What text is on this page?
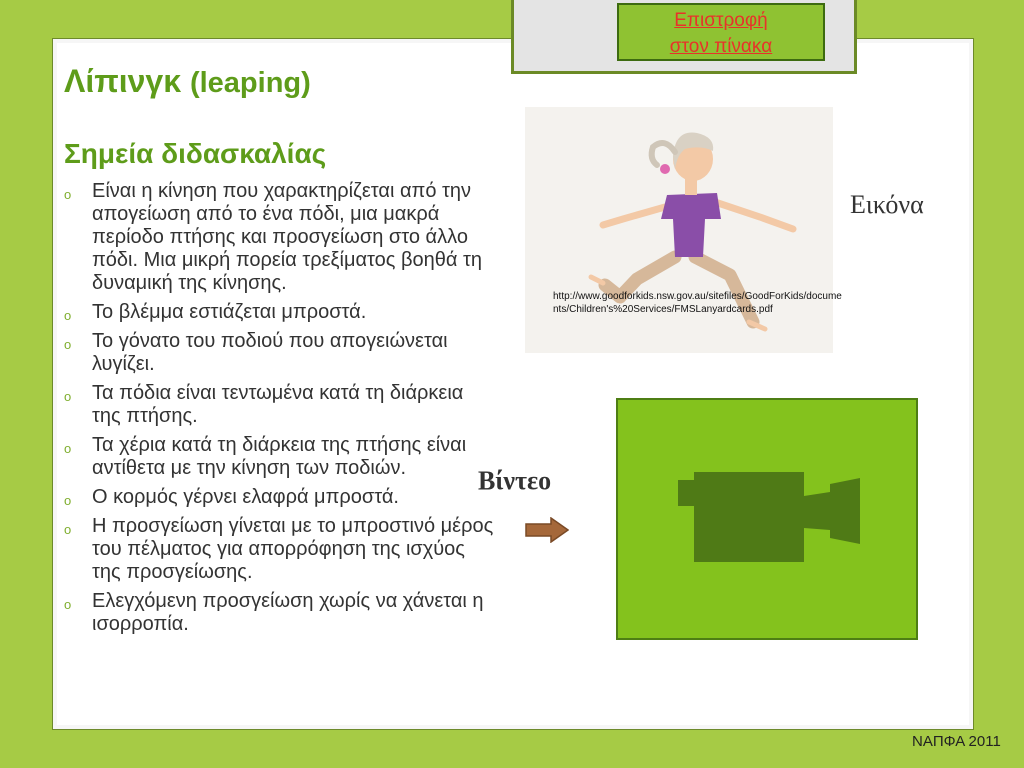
Επιστροφή
στον πίνακα
Λίπινγκ (leaping)
Σημεία διδασκαλίας
o Είναι η κίνηση που χαρακτηρίζεται από την απογείωση από το ένα πόδι, μια μακρά περίοδο πτήσης και προσγείωση στο άλλο πόδι. Μια μικρή πορεία τρεξίματος βοηθά τη δυναμική της κίνησης.
o Το βλέμμα εστιάζεται μπροστά.
o Το γόνατο του ποδιού που απογειώνεται λυγίζει.
o Τα πόδια είναι τεντωμένα κατά τη διάρκεια της πτήσης.
o Τα χέρια κατά τη διάρκεια της πτήσης είναι αντίθετα με την κίνηση των ποδιών.
o Ο κορμός γέρνει ελαφρά μπροστά.
o Η προσγείωση γίνεται με το μπροστινό μέρος του πέλματος για απορρόφηση της ισχύος της προσγείωσης.
o Ελεγχόμενη προσγείωση χωρίς να χάνεται η ισορροπία.
http://www.goodforkids.nsw.gov.au/sitefiles/GoodForKids/documents/Children's%20Services/FMSLanyardcards.pdf
Εικόνα
Βίντεο
ΝΑΠΦΑ 2011
